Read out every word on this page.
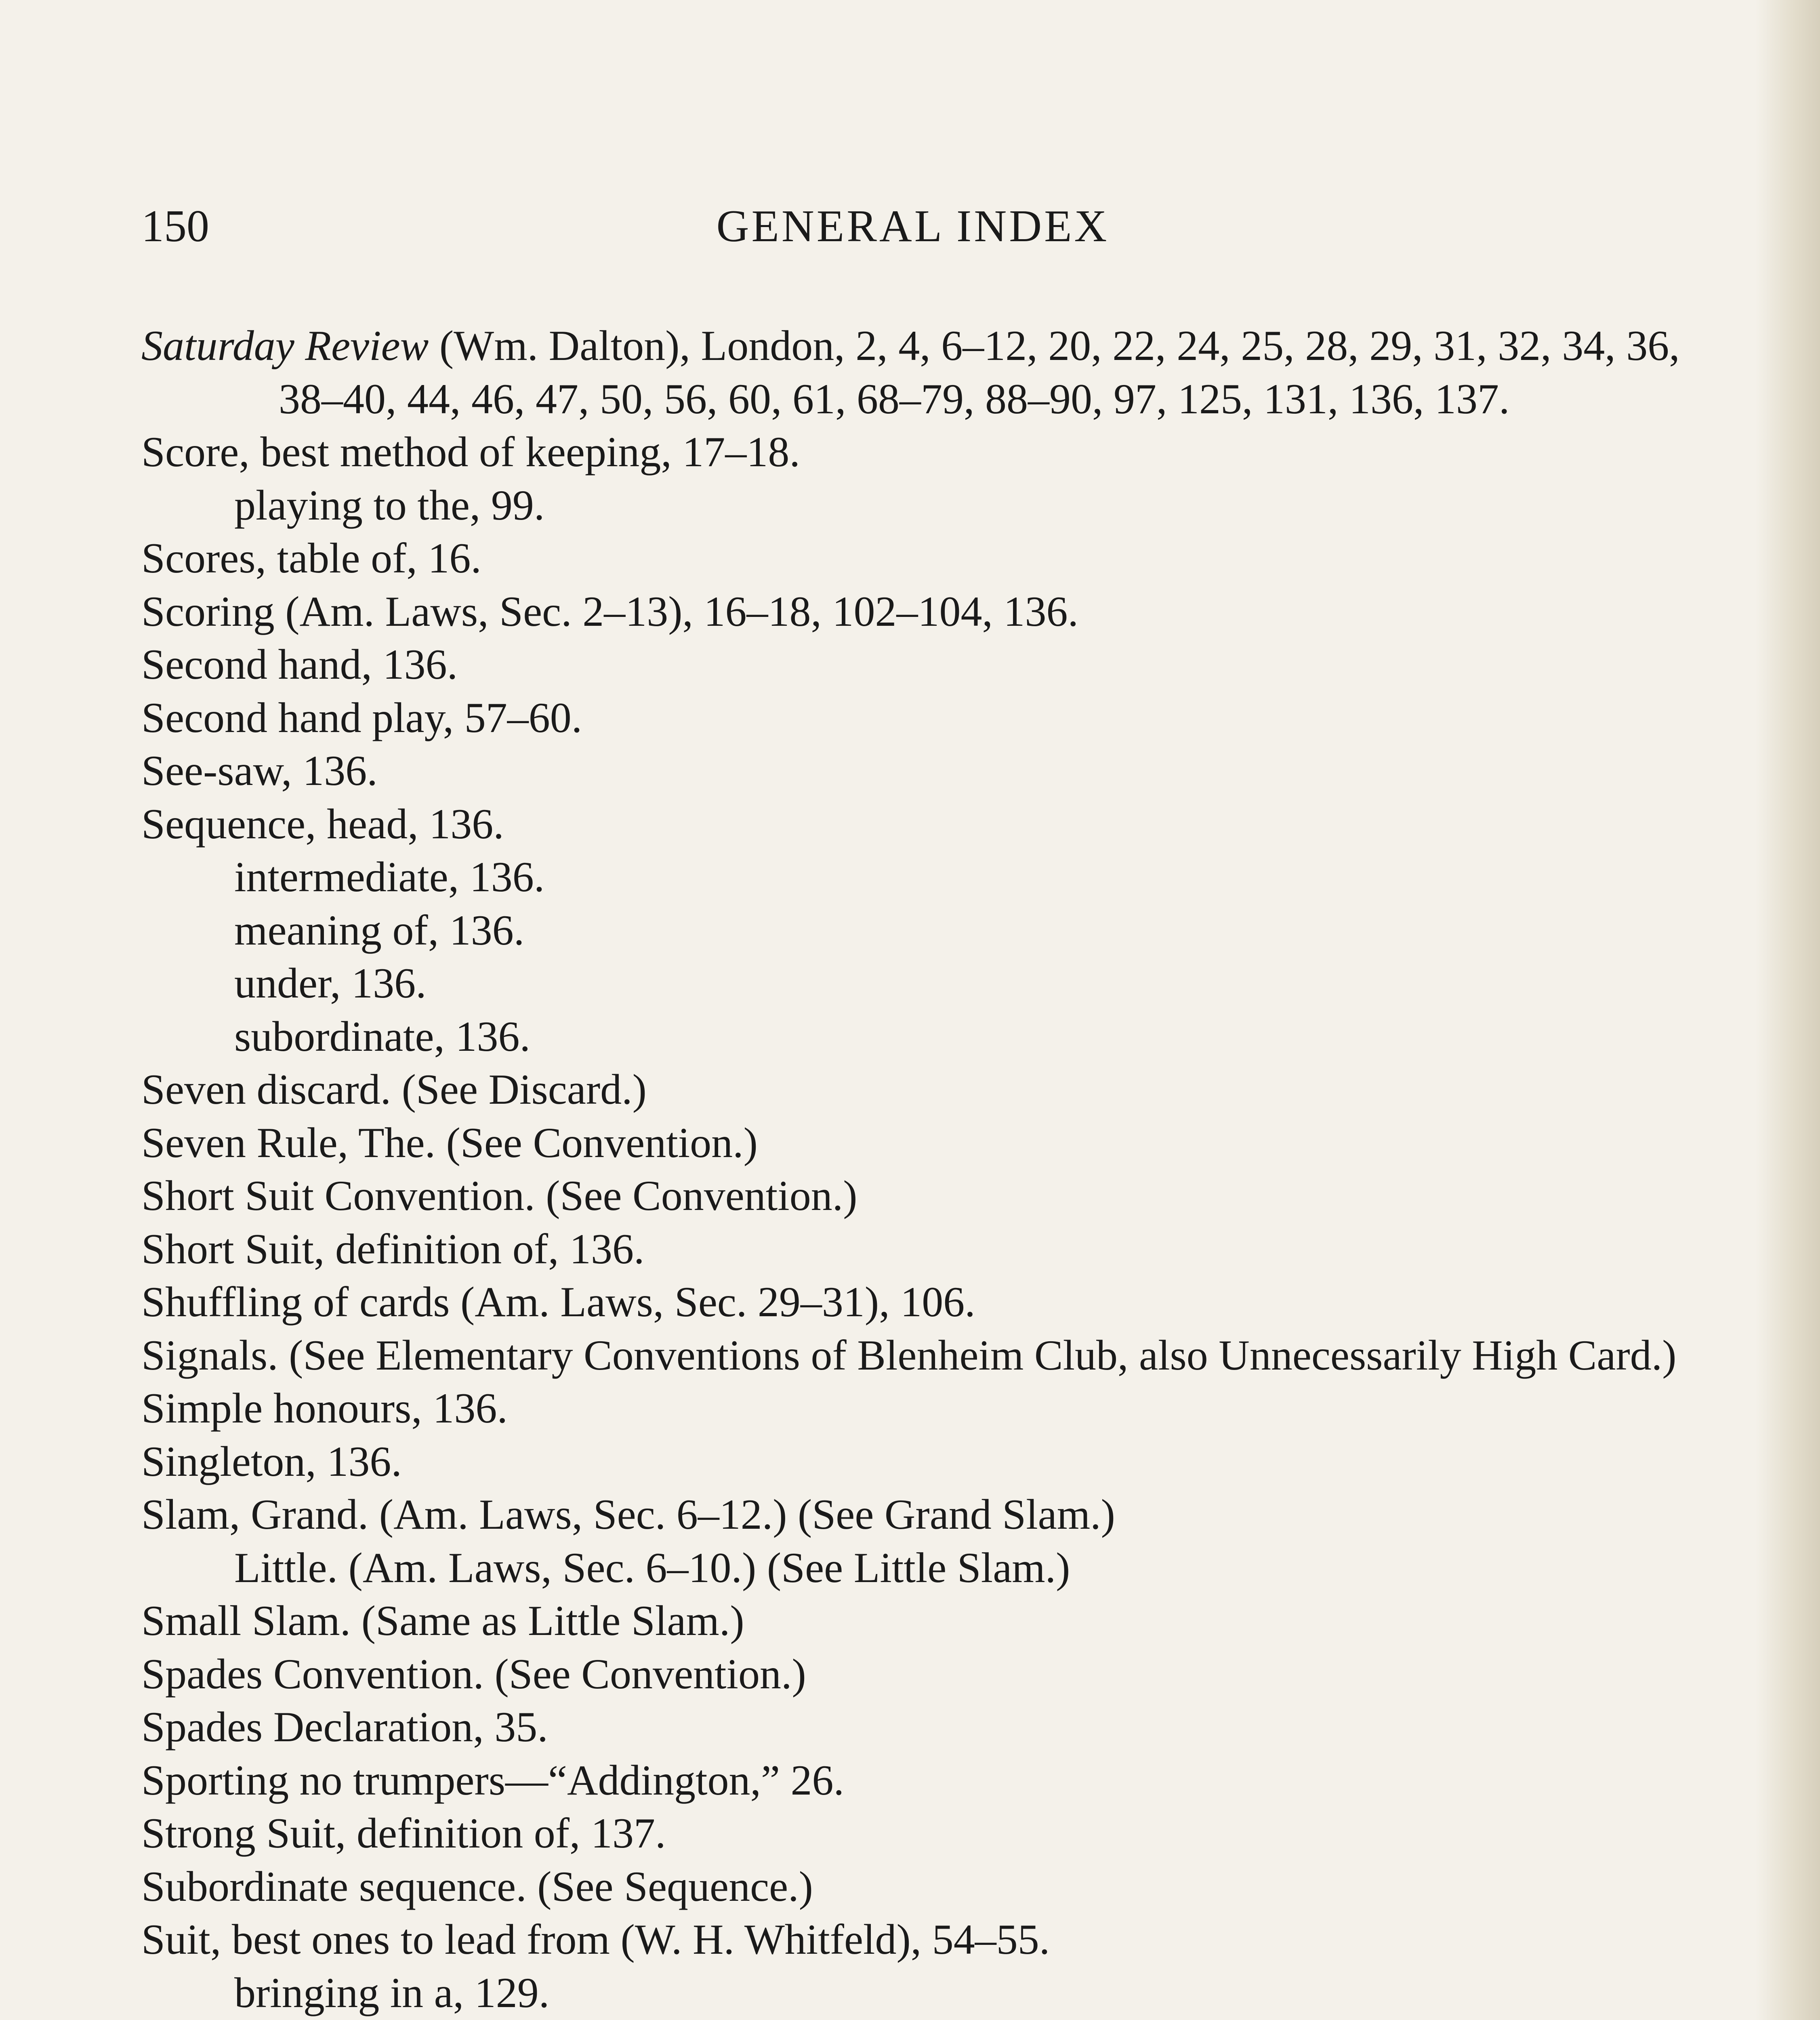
150	GENERAL INDEX
Saturday Review (Wm. Dalton), London, 2, 4, 6–12, 20, 22, 24, 25, 28, 29, 31, 32, 34, 36, 38–40, 44, 46, 47, 50, 56, 60, 61, 68–79, 88–90, 97, 125, 131, 136, 137.
Score, best method of keeping, 17–18.
playing to the, 99.
Scores, table of, 16.
Scoring (Am. Laws, Sec. 2–13), 16–18, 102–104, 136.
Second hand, 136.
Second hand play, 57–60.
See-saw, 136.
Sequence, head, 136.
intermediate, 136.
meaning of, 136.
under, 136.
subordinate, 136.
Seven discard. (See Discard.)
Seven Rule, The. (See Convention.)
Short Suit Convention. (See Convention.)
Short Suit, definition of, 136.
Shuffling of cards (Am. Laws, Sec. 29–31), 106.
Signals. (See Elementary Conventions of Blenheim Club, also Unnecessarily High Card.)
Simple honours, 136.
Singleton, 136.
Slam, Grand. (Am. Laws, Sec. 6–12.) (See Grand Slam.)
Little. (Am. Laws, Sec. 6–10.) (See Little Slam.)
Small Slam. (Same as Little Slam.)
Spades Convention. (See Convention.)
Spades Declaration, 35.
Sporting no trumpers—“Addington,” 26.
Strong Suit, definition of, 137.
Subordinate sequence. (See Sequence.)
Suit, best ones to lead from (W. H. Whitfeld), 54–55.
bringing in a, 129.
